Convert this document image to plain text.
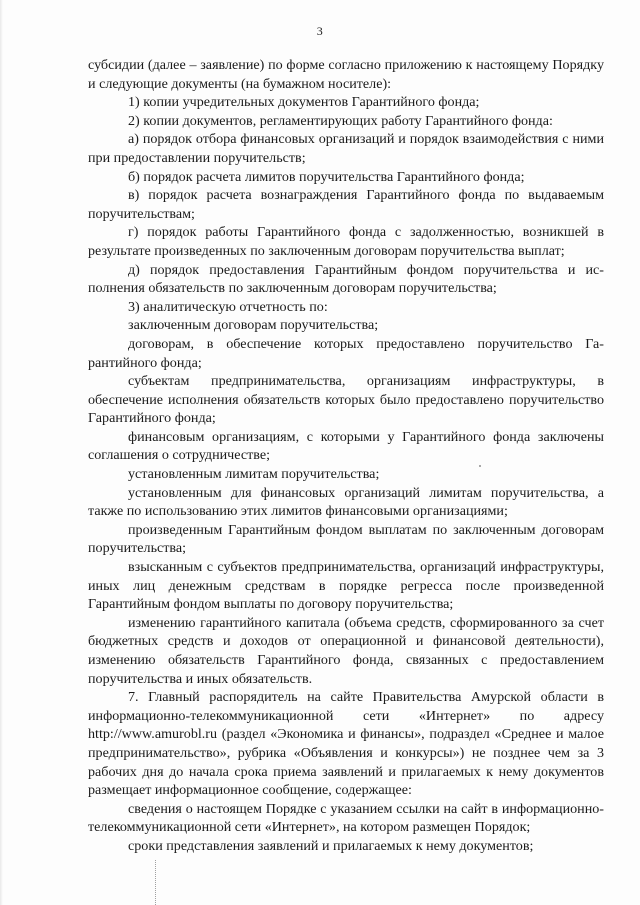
3

субсидии (далее – заявление) по форме согласно приложению к настоящему Порядку и следующие документы (на бумажном носителе):

1) копии учредительных документов Гарантийного фонда;

2) копии документов, регламентирующих работу Гарантийного фонда:

а) порядок отбора финансовых организаций и порядок взаимодействия с ними при предоставлении поручительств;

б) порядок расчета лимитов поручительства Гарантийного фонда;

в) порядок расчета вознаграждения Гарантийного фонда по выдаваемым поручительствам;

г) порядок работы Гарантийного фонда с задолженностью, возникшей в результате произведенных по заключенным договорам поручительства выплат;

д) порядок предоставления Гарантийным фондом поручительства и исполнения обязательств по заключенным договорам поручительства;

3) аналитическую отчетность по:

заключенным договорам поручительства;

договорам, в обеспечение которых предоставлено поручительство Гарантийного фонда;

субъектам предпринимательства, организациям инфраструктуры, в обеспечение исполнения обязательств которых было предоставлено поручительство Гарантийного фонда;

финансовым организациям, с которыми у Гарантийного фонда заключены соглашения о сотрудничестве;

установленным лимитам поручительства;

установленным для финансовых организаций лимитам поручительства, а также по использованию этих лимитов финансовыми организациями;

произведенным Гарантийным фондом выплатам по заключенным договорам поручительства;

взысканным с субъектов предпринимательства, организаций инфраструктуры, иных лиц денежным средствам в порядке регресса после произведенной Гарантийным фондом выплаты по договору поручительства;

изменению гарантийного капитала (объема средств, сформированного за счет бюджетных средств и доходов от операционной и финансовой деятельности), изменению обязательств Гарантийного фонда, связанных с предоставлением поручительства и иных обязательств.

7. Главный распорядитель на сайте Правительства Амурской области в информационно-телекоммуникационной сети «Интернет» по адресу http://www.amurobl.ru (раздел «Экономика и финансы», подраздел «Среднее и малое предпринимательство», рубрика «Объявления и конкурсы») не позднее чем за 3 рабочих дня до начала срока приема заявлений и прилагаемых к нему документов размещает информационное сообщение, содержащее:

сведения о настоящем Порядке с указанием ссылки на сайт в информационно-телекоммуникационной сети «Интернет», на котором размещен Порядок;

сроки представления заявлений и прилагаемых к нему документов;
